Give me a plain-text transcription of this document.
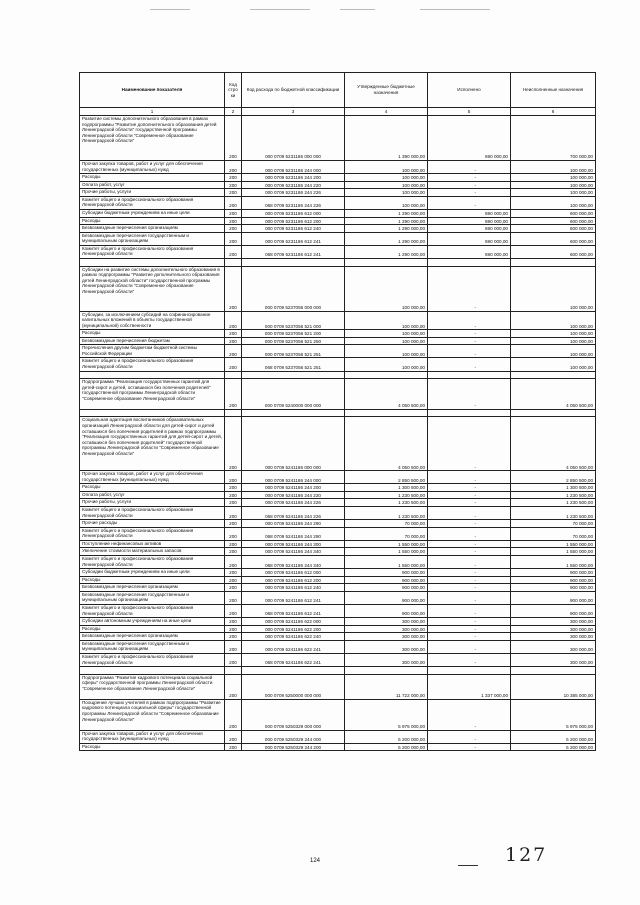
Наименование показателя	Код стро ки	Код расхода по бюджетной классификации	Утвержденные бюджетные назначения	Исполнено	Неисполненные назначения
1	2	3	4	5	6
Развитие системы дополнительного образования в рамках подпрограммы "Развитие дополнительного образования детей Ленинградской области" государственной программы Ленинградской области "Современное образование Ленинградской области"	200	000 0709 5231186 000 000	1 390 000,00	690 000,00	700 000,00
Прочая закупка товаров, работ и услуг для обеспечения государственных (муниципальных) нужд	200	000 0709 5231186 244 000	100 000,00	-	100 000,00
Расходы	200	000 0709 5231186 244 200	100 000,00	-	100 000,00
Оплата работ, услуг	200	000 0709 5231186 244 220	100 000,00	-	100 000,00
Прочие работы, услуги	200	000 0709 5231186 244 226	100 000,00	-	100 000,00
Комитет общего и профессионального образования Ленинградской области	200	068 0709 5231186 244 226	100 000,00	-	100 000,00
Субсидии бюджетным учреждениям на иные цели	200	000 0709 5231186 612 000	1 290 000,00	690 000,00	600 000,00
Расходы	200	000 0709 5231186 612 200	1 290 000,00	690 000,00	600 000,00
Безвозмездные перечисления организациям	200	000 0709 5231186 612 240	1 290 000,00	690 000,00	600 000,00
Безвозмездные перечисления государственным и муниципальным организациям	200	000 0709 5231186 612 241	1 290 000,00	690 000,00	600 000,00
Комитет общего и профессионального образования Ленинградской области	200	068 0709 5231186 612 241	1 290 000,00	690 000,00	600 000,00

Субсидии на развитие системы дополнительного образования в рамках подпрограммы "Развитие дополнительного образования детей Ленинградской области" государственной программы Ленинградской области "Современное образование Ленинградской области"	200	000 0709 5237056 000 000	100 000,00	-	100 000,00
Субсидии, за исключением субсидий на софинансирование капитальных вложений в объекты государственной (муниципальной) собственности	200	000 0709 5237056 521 000	100 000,00	-	100 000,00
Расходы	200	000 0709 5237056 521 200	100 000,00	-	100 000,00
Безвозмездные перечисления бюджетам	200	000 0709 5237056 521 250	100 000,00	-	100 000,00
Перечисления другим бюджетам бюджетной системы Российской Федерации	200	000 0709 5237056 521 251	100 000,00	-	100 000,00
Комитет общего и профессионального образования Ленинградской области	200	068 0709 5237056 521 251	100 000,00	-	100 000,00

Подпрограмма "Реализация государственных гарантий для детей-сирот и детей, оставшихся без попечения родителей" государственной программы Ленинградской области "Современное образование Ленинградской области"	200	000 0709 5240000 000 000	4 050 500,00	-	4 050 500,00

Социальная адаптация воспитанников образовательных организаций Ленинградской области для детей-сирот и детей оставшихся без попечения родителей в рамках подпрограммы "Реализация государственных гарантий для детей-сирот и детей, оставшихся без попечения родителей" государственной программы Ленинградской области "Современное образование Ленинградской области"	200	000 0709 5241186 000 000	4 050 500,00	-	4 050 500,00
Прочая закупка товаров, работ и услуг для обеспечения государственных (муниципальных) нужд	200	000 0709 5241186 244 000	2 850 500,00	-	2 850 500,00
Расходы	200	000 0709 5241186 244 200	1 300 500,00	-	1 300 500,00
Оплата работ, услуг	200	000 0709 5241186 244 220	1 230 500,00	-	1 230 500,00
Прочие работы, услуги	200	000 0709 5241186 244 226	1 230 500,00	-	1 230 500,00
Комитет общего и профессионального образования Ленинградской области	200	068 0709 5241186 244 226	1 230 500,00	-	1 230 500,00
Прочие расходы	200	000 0709 5241186 244 290	70 000,00	-	70 000,00
Комитет общего и профессионального образования Ленинградской области	200	068 0709 5241186 244 290	70 000,00	-	70 000,00
Поступление нефинансовых активов	200	000 0709 5241186 244 300	1 550 000,00	-	1 550 000,00
Увеличение стоимости материальных запасов	200	000 0709 5241186 244 340	1 550 000,00	-	1 550 000,00
Комитет общего и профессионального образования Ленинградской области	200	068 0709 5241186 244 340	1 550 000,00	-	1 550 000,00
Субсидии бюджетным учреждениям на иные цели	200	000 0709 5241186 612 000	900 000,00	-	900 000,00
Расходы	200	000 0709 5241186 612 200	900 000,00	-	900 000,00
Безвозмездные перечисления организациям	200	000 0709 5241186 612 240	900 000,00	-	900 000,00
Безвозмездные перечисления государственным и муниципальным организациям	200	000 0709 5241186 612 241	900 000,00	-	900 000,00
Комитет общего и профессионального образования Ленинградской области	200	068 0709 5241186 612 241	900 000,00	-	900 000,00
Субсидии автономным учреждениям на иные цели	200	000 0709 5241186 622 000	300 000,00	-	300 000,00
Расходы	200	000 0709 5241186 622 200	300 000,00	-	300 000,00
Безвозмездные перечисления организациям	200	000 0709 5241186 622 240	300 000,00	-	300 000,00
Безвозмездные перечисления государственным и муниципальным организациям	200	000 0709 5241186 622 241	300 000,00	-	300 000,00
Комитет общего и профессионального образования Ленинградской области	200	068 0709 5241186 622 241	300 000,00	-	300 000,00

Подпрограмма "Развитие кадрового потенциала социальной сферы" государственной программы Ленинградской области "Современное образование Ленинградской области"	200	000 0709 5250000 000 000	11 722 000,00	1 337 000,00	10 385 000,00
Поощрение лучших учителей в рамках подпрограммы "Развитие кадрового потенциала социальной сферы" государственной программы Ленинградской области "Современное образование Ленинградской области"	200	000 0709 5250329 000 000	5 975 000,00	-	5 975 000,00
Прочая закупка товаров, работ и услуг для обеспечения государственных (муниципальных) нужд	200	000 0709 5250329 244 000	5 200 000,00	-	5 200 000,00
Расходы	200	000 0709 5250329 244 200	5 200 000,00	-	5 200 000,00
124	127
